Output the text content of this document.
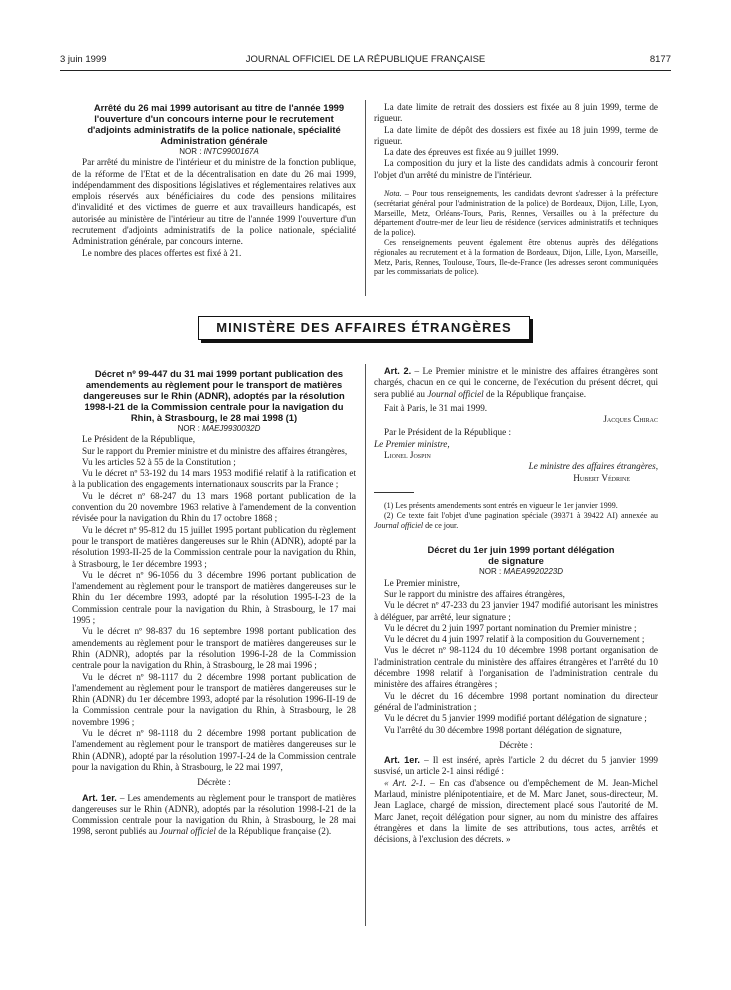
3 juin 1999	JOURNAL OFFICIEL DE LA RÉPUBLIQUE FRANÇAISE	8177

Arrêté du 26 mai 1999 autorisant au titre de l'année 1999 l'ouverture d'un concours interne pour le recrutement d'adjoints administratifs de la police nationale, spécialité Administration générale

NOR : INTC9900167A

Par arrêté du ministre de l'intérieur et du ministre de la fonction publique, de la réforme de l'Etat et de la décentralisation en date du 26 mai 1999, indépendamment des dispositions législatives et réglementaires relatives aux emplois réservés aux bénéficiaires du code des pensions militaires d'invalidité et des victimes de guerre et aux travailleurs handicapés, est autorisée au ministère de l'intérieur au titre de l'année 1999 l'ouverture d'un recrutement d'adjoints administratifs de la police nationale, spécialité Administration générale, par concours interne.

Le nombre des places offertes est fixé à 21.

La date limite de retrait des dossiers est fixée au 8 juin 1999, terme de rigueur.

La date limite de dépôt des dossiers est fixée au 18 juin 1999, terme de rigueur.

La date des épreuves est fixée au 9 juillet 1999.

La composition du jury et la liste des candidats admis à concourir feront l'objet d'un arrêté du ministre de l'intérieur.

Nota. – Pour tous renseignements, les candidats devront s'adresser à la préfecture (secrétariat général pour l'administration de la police) de Bordeaux, Dijon, Lille, Lyon, Marseille, Metz, Orléans-Tours, Paris, Rennes, Versailles ou à la préfecture du département d'outre-mer de leur lieu de résidence (services administratifs et techniques de la police).

Ces renseignements peuvent également être obtenus auprès des délégations régionales au recrutement et à la formation de Bordeaux, Dijon, Lille, Lyon, Marseille, Metz, Paris, Rennes, Toulouse, Tours, Ile-de-France (les adresses seront communiquées par les commissariats de police).

MINISTÈRE DES AFFAIRES ÉTRANGÈRES

Décret nº 99-447 du 31 mai 1999 portant publication des amendements au règlement pour le transport de matières dangereuses sur le Rhin (ADNR), adoptés par la résolution 1998-I-21 de la Commission centrale pour la navigation du Rhin, à Strasbourg, le 28 mai 1998 (1)

NOR : MAEJ9930032D

Le Président de la République,

Sur le rapport du Premier ministre et du ministre des affaires étrangères,

Vu les articles 52 à 55 de la Constitution ;

Vu le décret nº 53-192 du 14 mars 1953 modifié relatif à la ratification et à la publication des engagements internationaux souscrits par la France ;

Vu le décret nº 68-247 du 13 mars 1968 portant publication de la convention du 20 novembre 1963 relative à l'amendement de la convention révisée pour la navigation du Rhin du 17 octobre 1868 ;

Vu le décret nº 95-812 du 15 juillet 1995 portant publication du règlement pour le transport de matières dangereuses sur le Rhin (ADNR), adopté par la résolution 1993-II-25 de la Commission centrale pour la navigation du Rhin, à Strasbourg, le 1er décembre 1993 ;

Vu le décret nº 96-1056 du 3 décembre 1996 portant publication de l'amendement au règlement pour le transport de matières dangereuses sur le Rhin du 1er décembre 1993, adopté par la résolution 1995-I-23 de la Commission centrale pour la navigation du Rhin, à Strasbourg, le 17 mai 1995 ;

Vu le décret nº 98-837 du 16 septembre 1998 portant publication des amendements au règlement pour le transport de matières dangereuses sur le Rhin (ADNR), adoptés par la résolution 1996-I-28 de la Commission centrale pour la navigation du Rhin, à Strasbourg, le 28 mai 1996 ;

Vu le décret nº 98-1117 du 2 décembre 1998 portant publication de l'amendement au règlement pour le transport de matières dangereuses sur le Rhin (ADNR) du 1er décembre 1993, adopté par la résolution 1996-II-19 de la Commission centrale pour la navigation du Rhin, à Strasbourg, le 28 novembre 1996 ;

Vu le décret nº 98-1118 du 2 décembre 1998 portant publication de l'amendement au règlement pour le transport de matières dangereuses sur le Rhin (ADNR), adopté par la résolution 1997-I-24 de la Commission centrale pour la navigation du Rhin, à Strasbourg, le 22 mai 1997,

Décrète :

Art. 1er. – Les amendements au règlement pour le transport de matières dangereuses sur le Rhin (ADNR), adoptés par la résolution 1998-I-21 de la Commission centrale pour la navigation du Rhin, à Strasbourg, le 28 mai 1998, seront publiés au Journal officiel de la République française (2).

Art. 2. – Le Premier ministre et le ministre des affaires étrangères sont chargés, chacun en ce qui le concerne, de l'exécution du présent décret, qui sera publié au Journal officiel de la République française.

Fait à Paris, le 31 mai 1999.

Jacques Chirac

Par le Président de la République :

Le Premier ministre,

Lionel Jospin

Le ministre des affaires étrangères,

Hubert Védrine

(1) Les présents amendements sont entrés en vigueur le 1er janvier 1999.

(2) Ce texte fait l'objet d'une pagination spéciale (39371 à 39422 AI) annexée au Journal officiel de ce jour.

Décret du 1er juin 1999 portant délégation de signature

NOR : MAEA9920223D

Le Premier ministre,

Sur le rapport du ministre des affaires étrangères,

Vu le décret nº 47-233 du 23 janvier 1947 modifié autorisant les ministres à déléguer, par arrêté, leur signature ;

Vu le décret du 2 juin 1997 portant nomination du Premier ministre ;

Vu le décret du 4 juin 1997 relatif à la composition du Gouvernement ;

Vus le décret nº 98-1124 du 10 décembre 1998 portant organisation de l'administration centrale du ministère des affaires étrangères et l'arrêté du 10 décembre 1998 relatif à l'organisation de l'administration centrale du ministère des affaires étrangères ;

Vu le décret du 16 décembre 1998 portant nomination du directeur général de l'administration ;

Vu le décret du 5 janvier 1999 modifié portant délégation de signature ;

Vu l'arrêté du 30 décembre 1998 portant délégation de signature,

Décrète :

Art. 1er. – Il est inséré, après l'article 2 du décret du 5 janvier 1999 susvisé, un article 2-1 ainsi rédigé :

« Art. 2-1. – En cas d'absence ou d'empêchement de M. Jean-Michel Marlaud, ministre plénipotentiaire, et de M. Marc Janet, sous-directeur, M. Jean Laglace, chargé de mission, directement placé sous l'autorité de M. Marc Janet, reçoit délégation pour signer, au nom du ministre des affaires étrangères et dans la limite de ses attributions, tous actes, arrêtés et décisions, à l'exclusion des décrets. »
